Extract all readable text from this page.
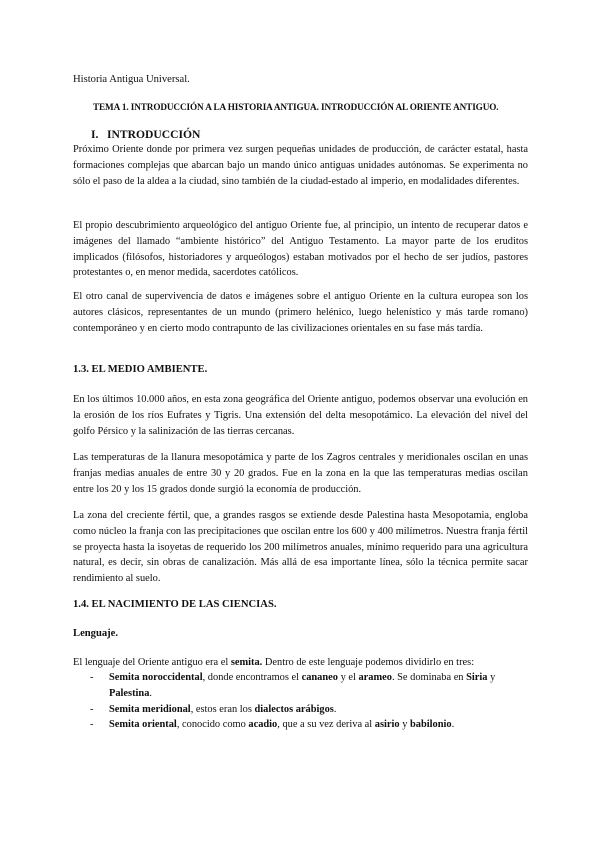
Historia Antigua Universal.

TEMA 1. INTRODUCCIÓN A LA HISTORIA ANTIGUA. INTRODUCCIÓN AL ORIENTE ANTIGUO.

I. INTRODUCCIÓN

Próximo Oriente donde por primera vez surgen pequeñas unidades de producción, de carácter estatal, hasta formaciones complejas que abarcan bajo un mando único antiguas unidades autónomas. Se experimenta no sólo el paso de la aldea a la ciudad, sino también de la ciudad-estado al imperio, en modalidades diferentes.

El propio descubrimiento arqueológico del antiguo Oriente fue, al principio, un intento de recuperar datos e imágenes del llamado “ambiente histórico” del Antiguo Testamento. La mayor parte de los eruditos implicados (filósofos, historiadores y arqueólogos) estaban motivados por el hecho de ser judíos, pastores protestantes o, en menor medida, sacerdotes católicos.

El otro canal de supervivencia de datos e imágenes sobre el antiguo Oriente en la cultura europea son los autores clásicos, representantes de un mundo (primero helénico, luego helenístico y más tarde romano) contemporáneo y en cierto modo contrapunto de las civilizaciones orientales en su fase más tardía.

1.3. EL MEDIO AMBIENTE.

En los últimos 10.000 años, en esta zona geográfica del Oriente antiguo, podemos observar una evolución en la erosión de los ríos Eufrates y Tigris. Una extensión del delta mesopotámico. La elevación del nivel del golfo Pérsico y la salinización de las tierras cercanas.

Las temperaturas de la llanura mesopotámica y parte de los Zagros centrales y meridionales oscilan en unas franjas medias anuales de entre 30 y 20 grados. Fue en la zona en la que las temperaturas medias oscilan entre los 20 y los 15 grados donde surgió la economía de producción.

La zona del creciente fértil, que, a grandes rasgos se extiende desde Palestina hasta Mesopotamia, engloba como núcleo la franja con las precipitaciones que oscilan entre los 600 y 400 milímetros. Nuestra franja fértil se proyecta hasta la isoyetas de requerido los 200 milímetros anuales, mínimo requerido para una agricultura natural, es decir, sin obras de canalización. Más allá de esa importante línea, sólo la técnica permite sacar rendimiento al suelo.

1.4. EL NACIMIENTO DE LAS CIENCIAS.

Lenguaje.

El lenguaje del Oriente antiguo era el semita. Dentro de este lenguaje podemos dividirlo en tres:

- Semita noroccidental, donde encontramos el cananeo y el arameo. Se dominaba en Siria y Palestina.
- Semita meridional, estos eran los dialectos arábigos.
- Semita oriental, conocido como acadio, que a su vez deriva al asirio y babilonio.
